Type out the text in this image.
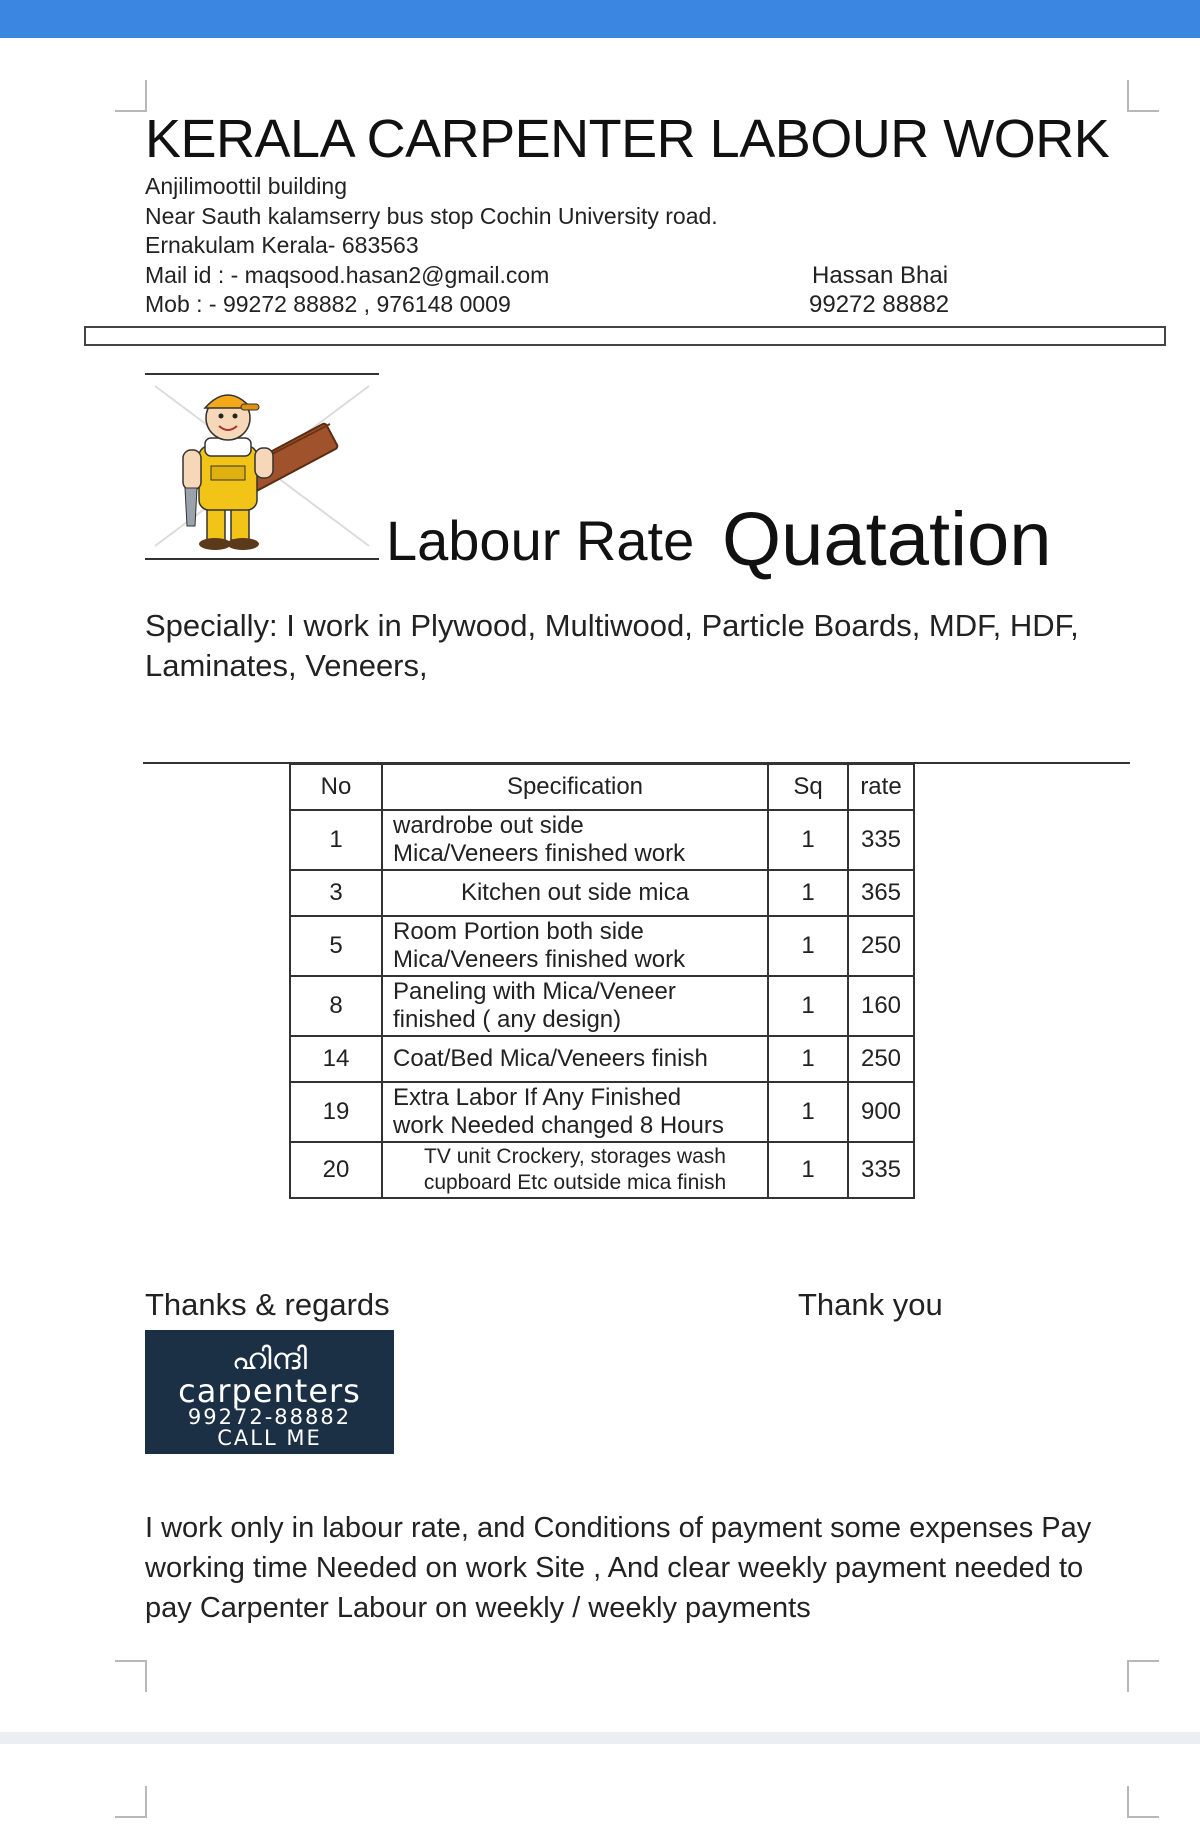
KERALA CARPENTER LABOUR WORK
Anjilimoottil building
Near Sauth kalamserry bus stop Cochin University road.
Ernakulam Kerala- 683563
Mail id : - maqsood.hasan2@gmail.com
Mob : - 99272 88882 , 976148 0009
Hassan Bhai
99272 88882
Labour Rate Quatation
Specially: I work in Plywood, Multiwood, Particle Boards, MDF, HDF, Laminates, Veneers,
No	Specification	Sq	rate
1	wardrobe out side
Mica/Veneers finished work	1	335
3	Kitchen out side mica	1	365
5	Room Portion both side
Mica/Veneers finished work	1	250
8	Paneling with Mica/Veneer
finished ( any design)	1	160
14	Coat/Bed Mica/Veneers finish	1	250
19	Extra Labor If Any Finished
work Needed changed 8 Hours	1	900
20	TV unit Crockery, storages wash
cupboard Etc outside mica finish	1	335
Thanks & regards	Thank you
ഹിന്ദി
carpenters
99272-88882
CALL ME
I work only in labour rate, and Conditions of payment some expenses Pay working time Needed on work Site , And clear weekly payment needed to pay Carpenter Labour on weekly / weekly payments
